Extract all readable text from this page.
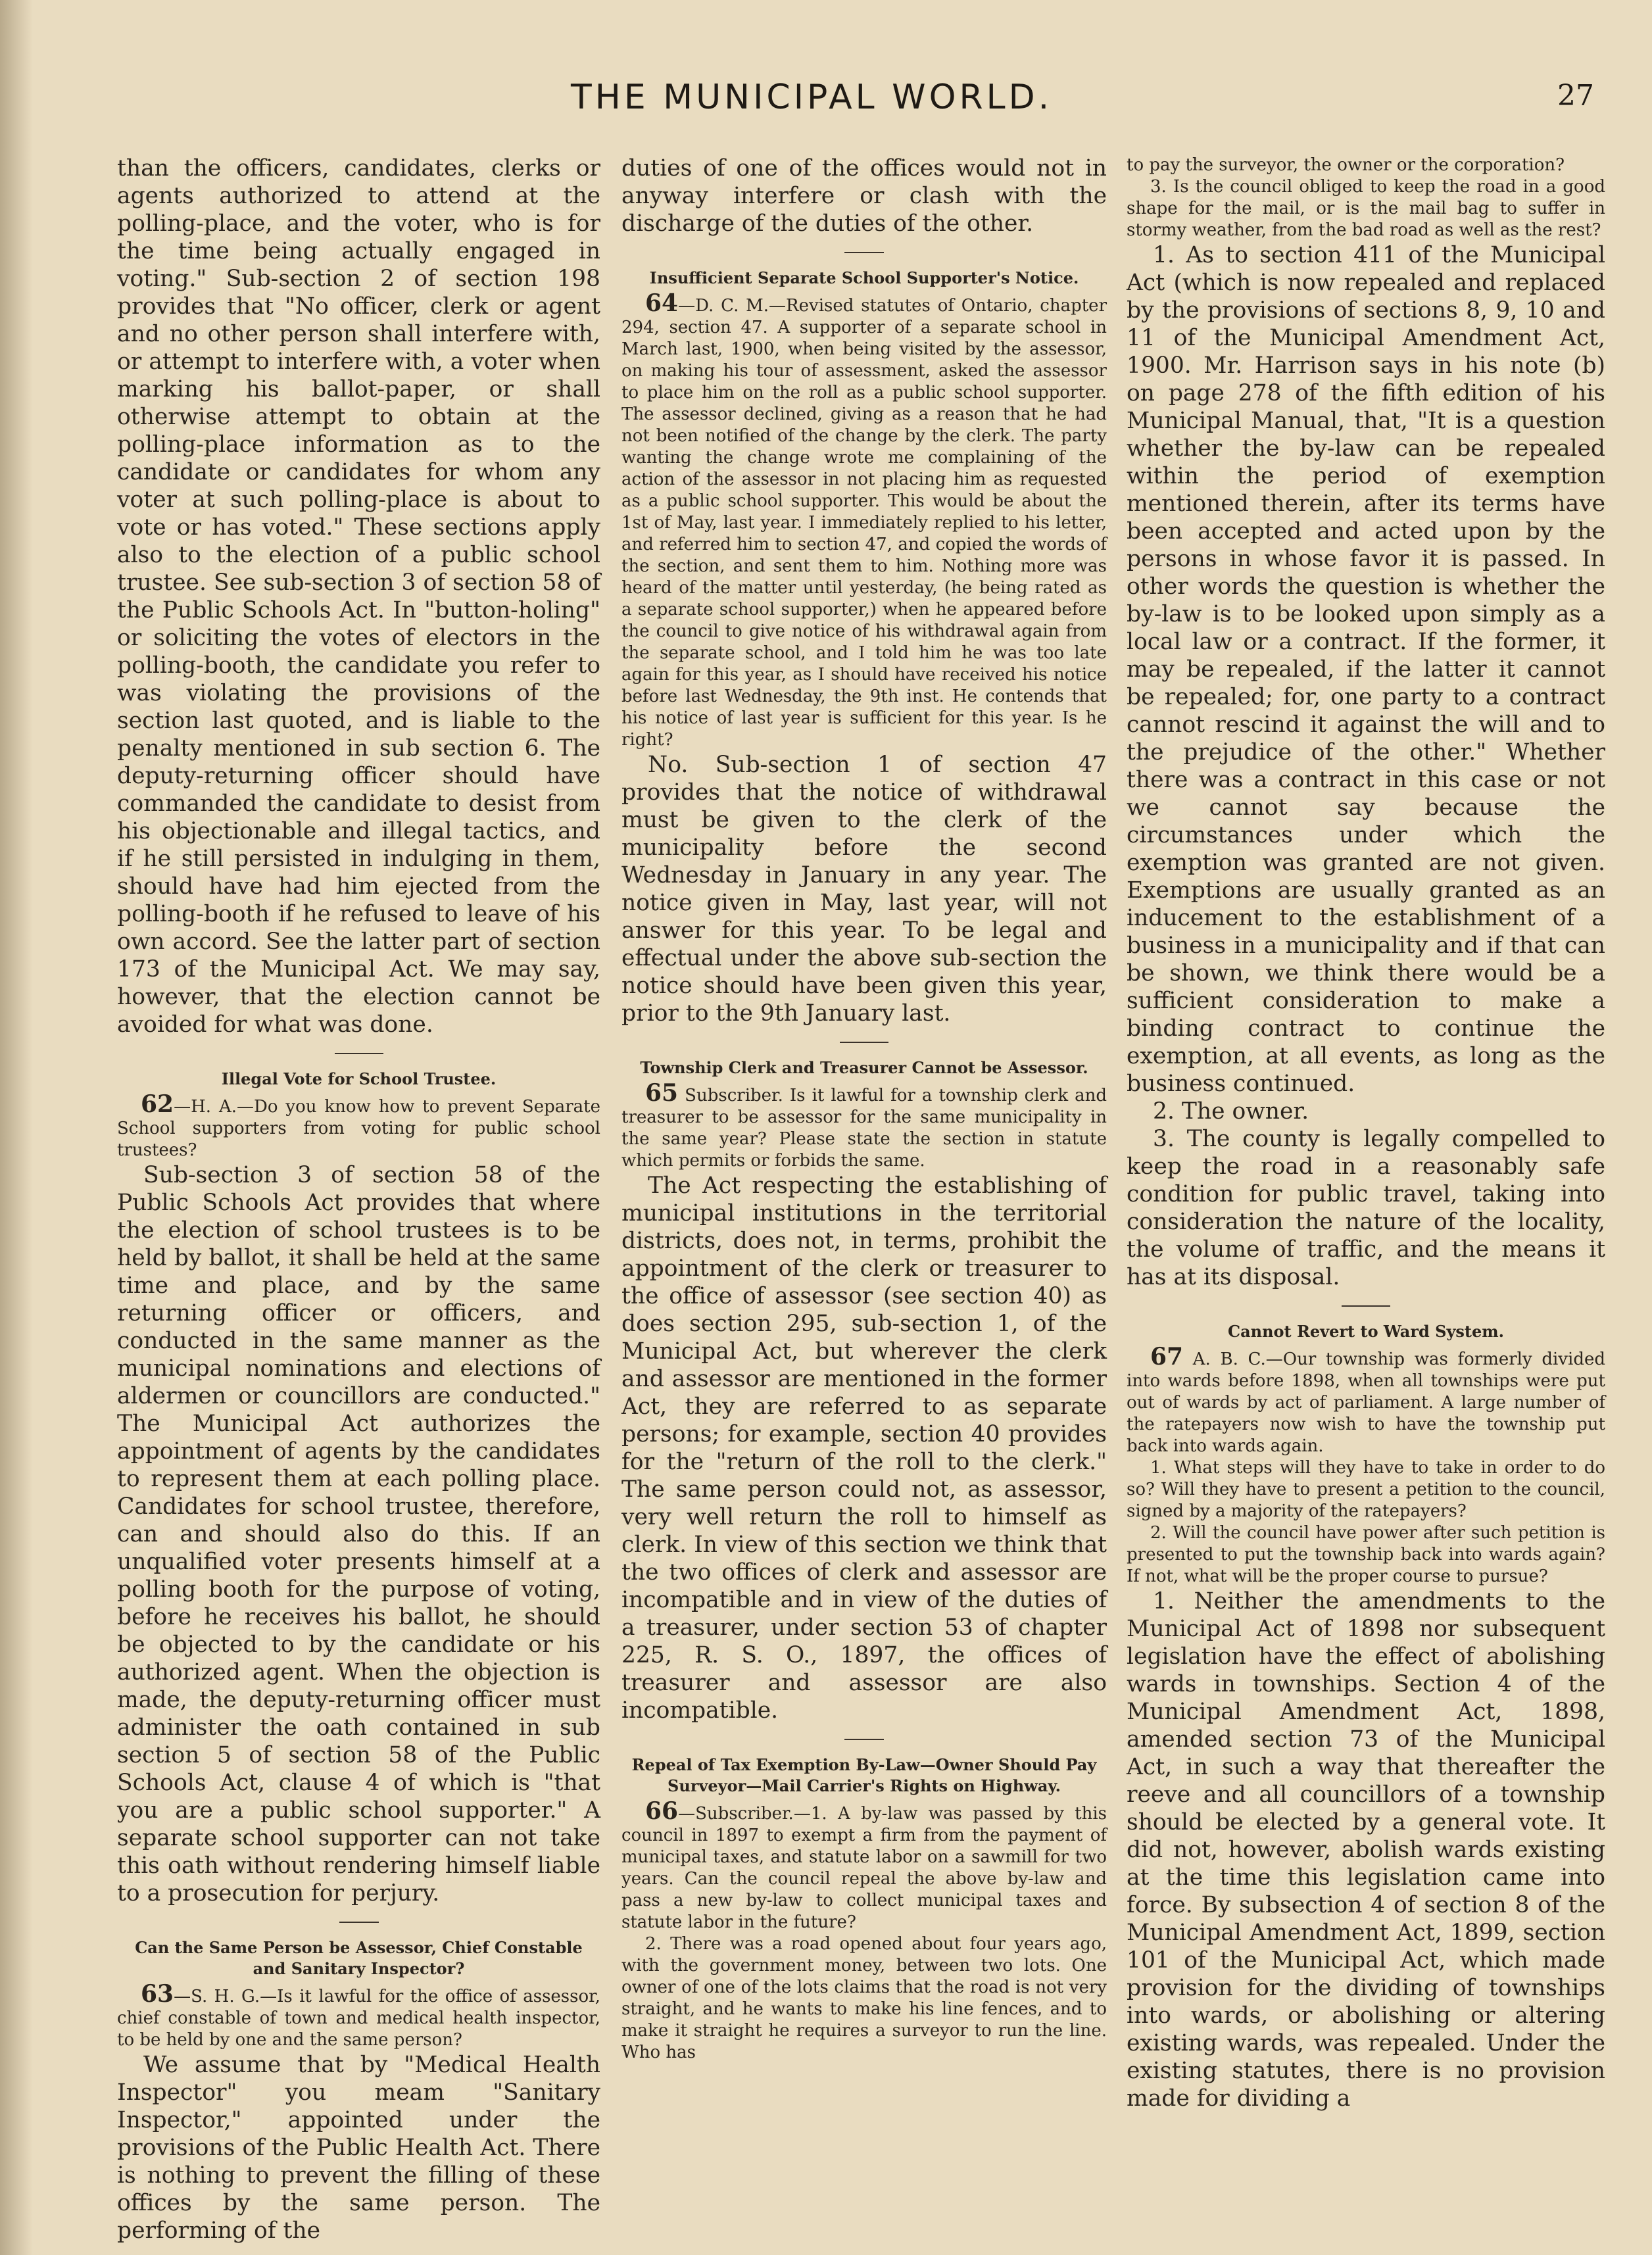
THE MUNICIPAL WORLD.	27

than the officers, candidates, clerks or agents authorized to attend at the polling-place, and the voter, who is for the time being actually engaged in voting." Sub-section 2 of section 198 provides that "No officer, clerk or agent and no other person shall interfere with, or attempt to interfere with, a voter when marking his ballot-paper, or shall otherwise attempt to obtain at the polling-place information as to the candidate or candidates for whom any voter at such polling-place is about to vote or has voted." These sections apply also to the election of a public school trustee. See sub-section 3 of section 58 of the Public Schools Act. In "button-holing" or soliciting the votes of electors in the polling-booth, the candidate you refer to was violating the provisions of the section last quoted, and is liable to the penalty mentioned in sub section 6. The deputy-returning officer should have commanded the candidate to desist from his objectionable and illegal tactics, and if he still persisted in indulging in them, should have had him ejected from the polling-booth if he refused to leave of his own accord. See the latter part of section 173 of the Municipal Act. We may say, however, that the election cannot be avoided for what was done.

Illegal Vote for School Trustee.

62—H. A.—Do you know how to prevent Separate School supporters from voting for public school trustees?

Sub-section 3 of section 58 of the Public Schools Act provides that where the election of school trustees is to be held by ballot, it shall be held at the same time and place, and by the same returning officer or officers, and conducted in the same manner as the municipal nominations and elections of aldermen or councillors are conducted." The Municipal Act authorizes the appointment of agents by the candidates to represent them at each polling place. Candidates for school trustee, therefore, can and should also do this. If an unqualified voter presents himself at a polling booth for the purpose of voting, before he receives his ballot, he should be objected to by the candidate or his authorized agent. When the objection is made, the deputy-returning officer must administer the oath contained in sub section 5 of section 58 of the Public Schools Act, clause 4 of which is "that you are a public school supporter." A separate school supporter can not take this oath without rendering himself liable to a prosecution for perjury.

Can the Same Person be Assessor, Chief Constable and Sanitary Inspector?

63—S. H. G.—Is it lawful for the office of assessor, chief constable of town and medical health inspector, to be held by one and the same person?

We assume that by "Medical Health Inspector" you meam "Sanitary Inspector," appointed under the provisions of the Public Health Act. There is nothing to prevent the filling of these offices by the same person. The performing of the

duties of one of the offices would not in anyway interfere or clash with the discharge of the duties of the other.

Insufficient Separate School Supporter's Notice.

64—D. C. M.—Revised statutes of Ontario, chapter 294, section 47. A supporter of a separate school in March last, 1900, when being visited by the assessor, on making his tour of assessment, asked the assessor to place him on the roll as a public school supporter. The assessor declined, giving as a reason that he had not been notified of the change by the clerk. The party wanting the change wrote me complaining of the action of the assessor in not placing him as requested as a public school supporter. This would be about the 1st of May, last year. I immediately replied to his letter, and referred him to section 47, and copied the words of the section, and sent them to him. Nothing more was heard of the matter until yesterday, (he being rated as a separate school supporter,) when he appeared before the council to give notice of his withdrawal again from the separate school, and I told him he was too late again for this year, as I should have received his notice before last Wednesday, the 9th inst. He contends that his notice of last year is sufficient for this year. Is he right?

No. Sub-section 1 of section 47 provides that the notice of withdrawal must be given to the clerk of the municipality before the second Wednesday in January in any year. The notice given in May, last year, will not answer for this year. To be legal and effectual under the above sub-section the notice should have been given this year, prior to the 9th January last.

Township Clerk and Treasurer Cannot be Assessor.

65 Subscriber. Is it lawful for a township clerk and treasurer to be assessor for the same municipality in the same year? Please state the section in statute which permits or forbids the same.

The Act respecting the establishing of municipal institutions in the territorial districts, does not, in terms, prohibit the appointment of the clerk or treasurer to the office of assessor (see section 40) as does section 295, sub-section 1, of the Municipal Act, but wherever the clerk and assessor are mentioned in the former Act, they are referred to as separate persons; for example, section 40 provides for the "return of the roll to the clerk." The same person could not, as assessor, very well return the roll to himself as clerk. In view of this section we think that the two offices of clerk and assessor are incompatible and in view of the duties of a treasurer, under section 53 of chapter 225, R. S. O., 1897, the offices of treasurer and assessor are also incompatible.

Repeal of Tax Exemption By-Law—Owner Should Pay Surveyor—Mail Carrier's Rights on Highway.

66—Subscriber.—1. A by-law was passed by this council in 1897 to exempt a firm from the payment of municipal taxes, and statute labor on a sawmill for two years. Can the council repeal the above by-law and pass a new by-law to collect municipal taxes and statute labor in the future?

2. There was a road opened about four years ago, with the government money, between two lots. One owner of one of the lots claims that the road is not very straight, and he wants to make his line fences, and to make it straight he requires a surveyor to run the line. Who has

to pay the surveyor, the owner or the corporation?

3. Is the council obliged to keep the road in a good shape for the mail, or is the mail bag to suffer in stormy weather, from the bad road as well as the rest?

1. As to section 411 of the Municipal Act (which is now repealed and replaced by the provisions of sections 8, 9, 10 and 11 of the Municipal Amendment Act, 1900. Mr. Harrison says in his note (b) on page 278 of the fifth edition of his Municipal Manual, that, "It is a question whether the by-law can be repealed within the period of exemption mentioned therein, after its terms have been accepted and acted upon by the persons in whose favor it is passed. In other words the question is whether the by-law is to be looked upon simply as a local law or a contract. If the former, it may be repealed, if the latter it cannot be repealed; for, one party to a contract cannot rescind it against the will and to the prejudice of the other." Whether there was a contract in this case or not we cannot say because the circumstances under which the exemption was granted are not given. Exemptions are usually granted as an inducement to the establishment of a business in a municipality and if that can be shown, we think there would be a sufficient consideration to make a binding contract to continue the exemption, at all events, as long as the business continued.

2. The owner.

3. The county is legally compelled to keep the road in a reasonably safe condition for public travel, taking into consideration the nature of the locality, the volume of traffic, and the means it has at its disposal.

Cannot Revert to Ward System.

67 A. B. C.—Our township was formerly divided into wards before 1898, when all townships were put out of wards by act of parliament. A large number of the ratepayers now wish to have the township put back into wards again.

1. What steps will they have to take in order to do so? Will they have to present a petition to the council, signed by a majority of the ratepayers?

2. Will the council have power after such petition is presented to put the township back into wards again? If not, what will be the proper course to pursue?

1. Neither the amendments to the Municipal Act of 1898 nor subsequent legislation have the effect of abolishing wards in townships. Section 4 of the Municipal Amendment Act, 1898, amended section 73 of the Municipal Act, in such a way that thereafter the reeve and all councillors of a township should be elected by a general vote. It did not, however, abolish wards existing at the time this legislation came into force. By subsection 4 of section 8 of the Municipal Amendment Act, 1899, section 101 of the Municipal Act, which made provision for the dividing of townships into wards, or abolishing or altering existing wards, was repealed. Under the existing statutes, there is no provision made for dividing a
